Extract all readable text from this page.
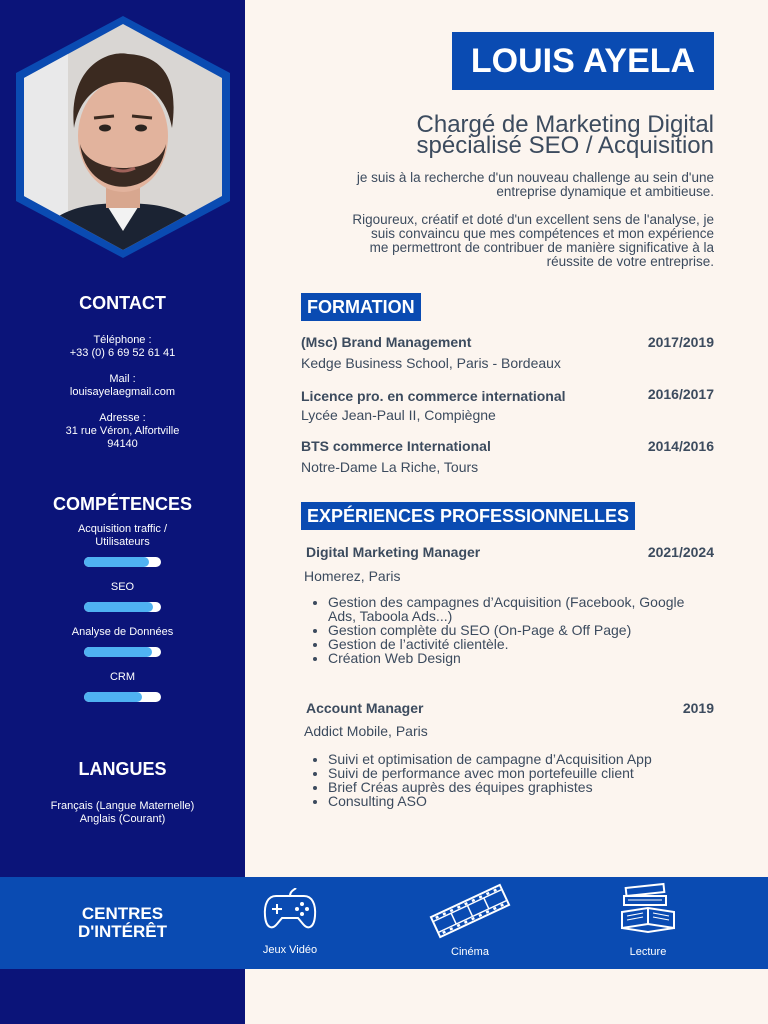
CONTACT
Téléphone :
+33 (0) 6 69 52 61 41
Mail :
louisayelaegmail.com
Adresse :
31 rue Véron, Alfortville
94140
COMPÉTENCES
Acquisition traffic /
Utilisateurs
SEO
Analyse de Données
CRM
LANGUES
Français (Langue Maternelle)
Anglais (Courant)
LOUIS AYELA
Chargé de Marketing Digital
spécialisé SEO / Acquisition
je suis à la recherche d'un nouveau challenge au sein d'une
entreprise dynamique et ambitieuse.
Rigoureux, créatif et doté d'un excellent sens de l'analyse, je
suis convaincu que mes compétences et mon expérience
me permettront de contribuer de manière significative à la
réussite de votre entreprise.
FORMATION
(Msc) Brand Management	2017/2019
Kedge Business School, Paris - Bordeaux
Licence pro. en commerce international	2016/2017
Lycée Jean-Paul II, Compiègne
BTS commerce International	2014/2016
Notre-Dame La Riche, Tours
EXPÉRIENCES PROFESSIONNELLES
Digital Marketing Manager	2021/2024
Homerez, Paris
• Gestion des campagnes d’Acquisition (Facebook, Google Ads, Taboola Ads...)
• Gestion complète du SEO (On-Page & Off Page)
• Gestion de l’activité clientèle.
• Création Web Design
Account Manager	2019
Addict Mobile, Paris
• Suivi et optimisation de campagne d’Acquisition App
• Suivi de performance avec mon portefeuille client
• Brief Créas auprès des équipes graphistes
• Consulting ASO
CENTRES
D'INTÉRÊT
Jeux Vidéo	Cinéma	Lecture
